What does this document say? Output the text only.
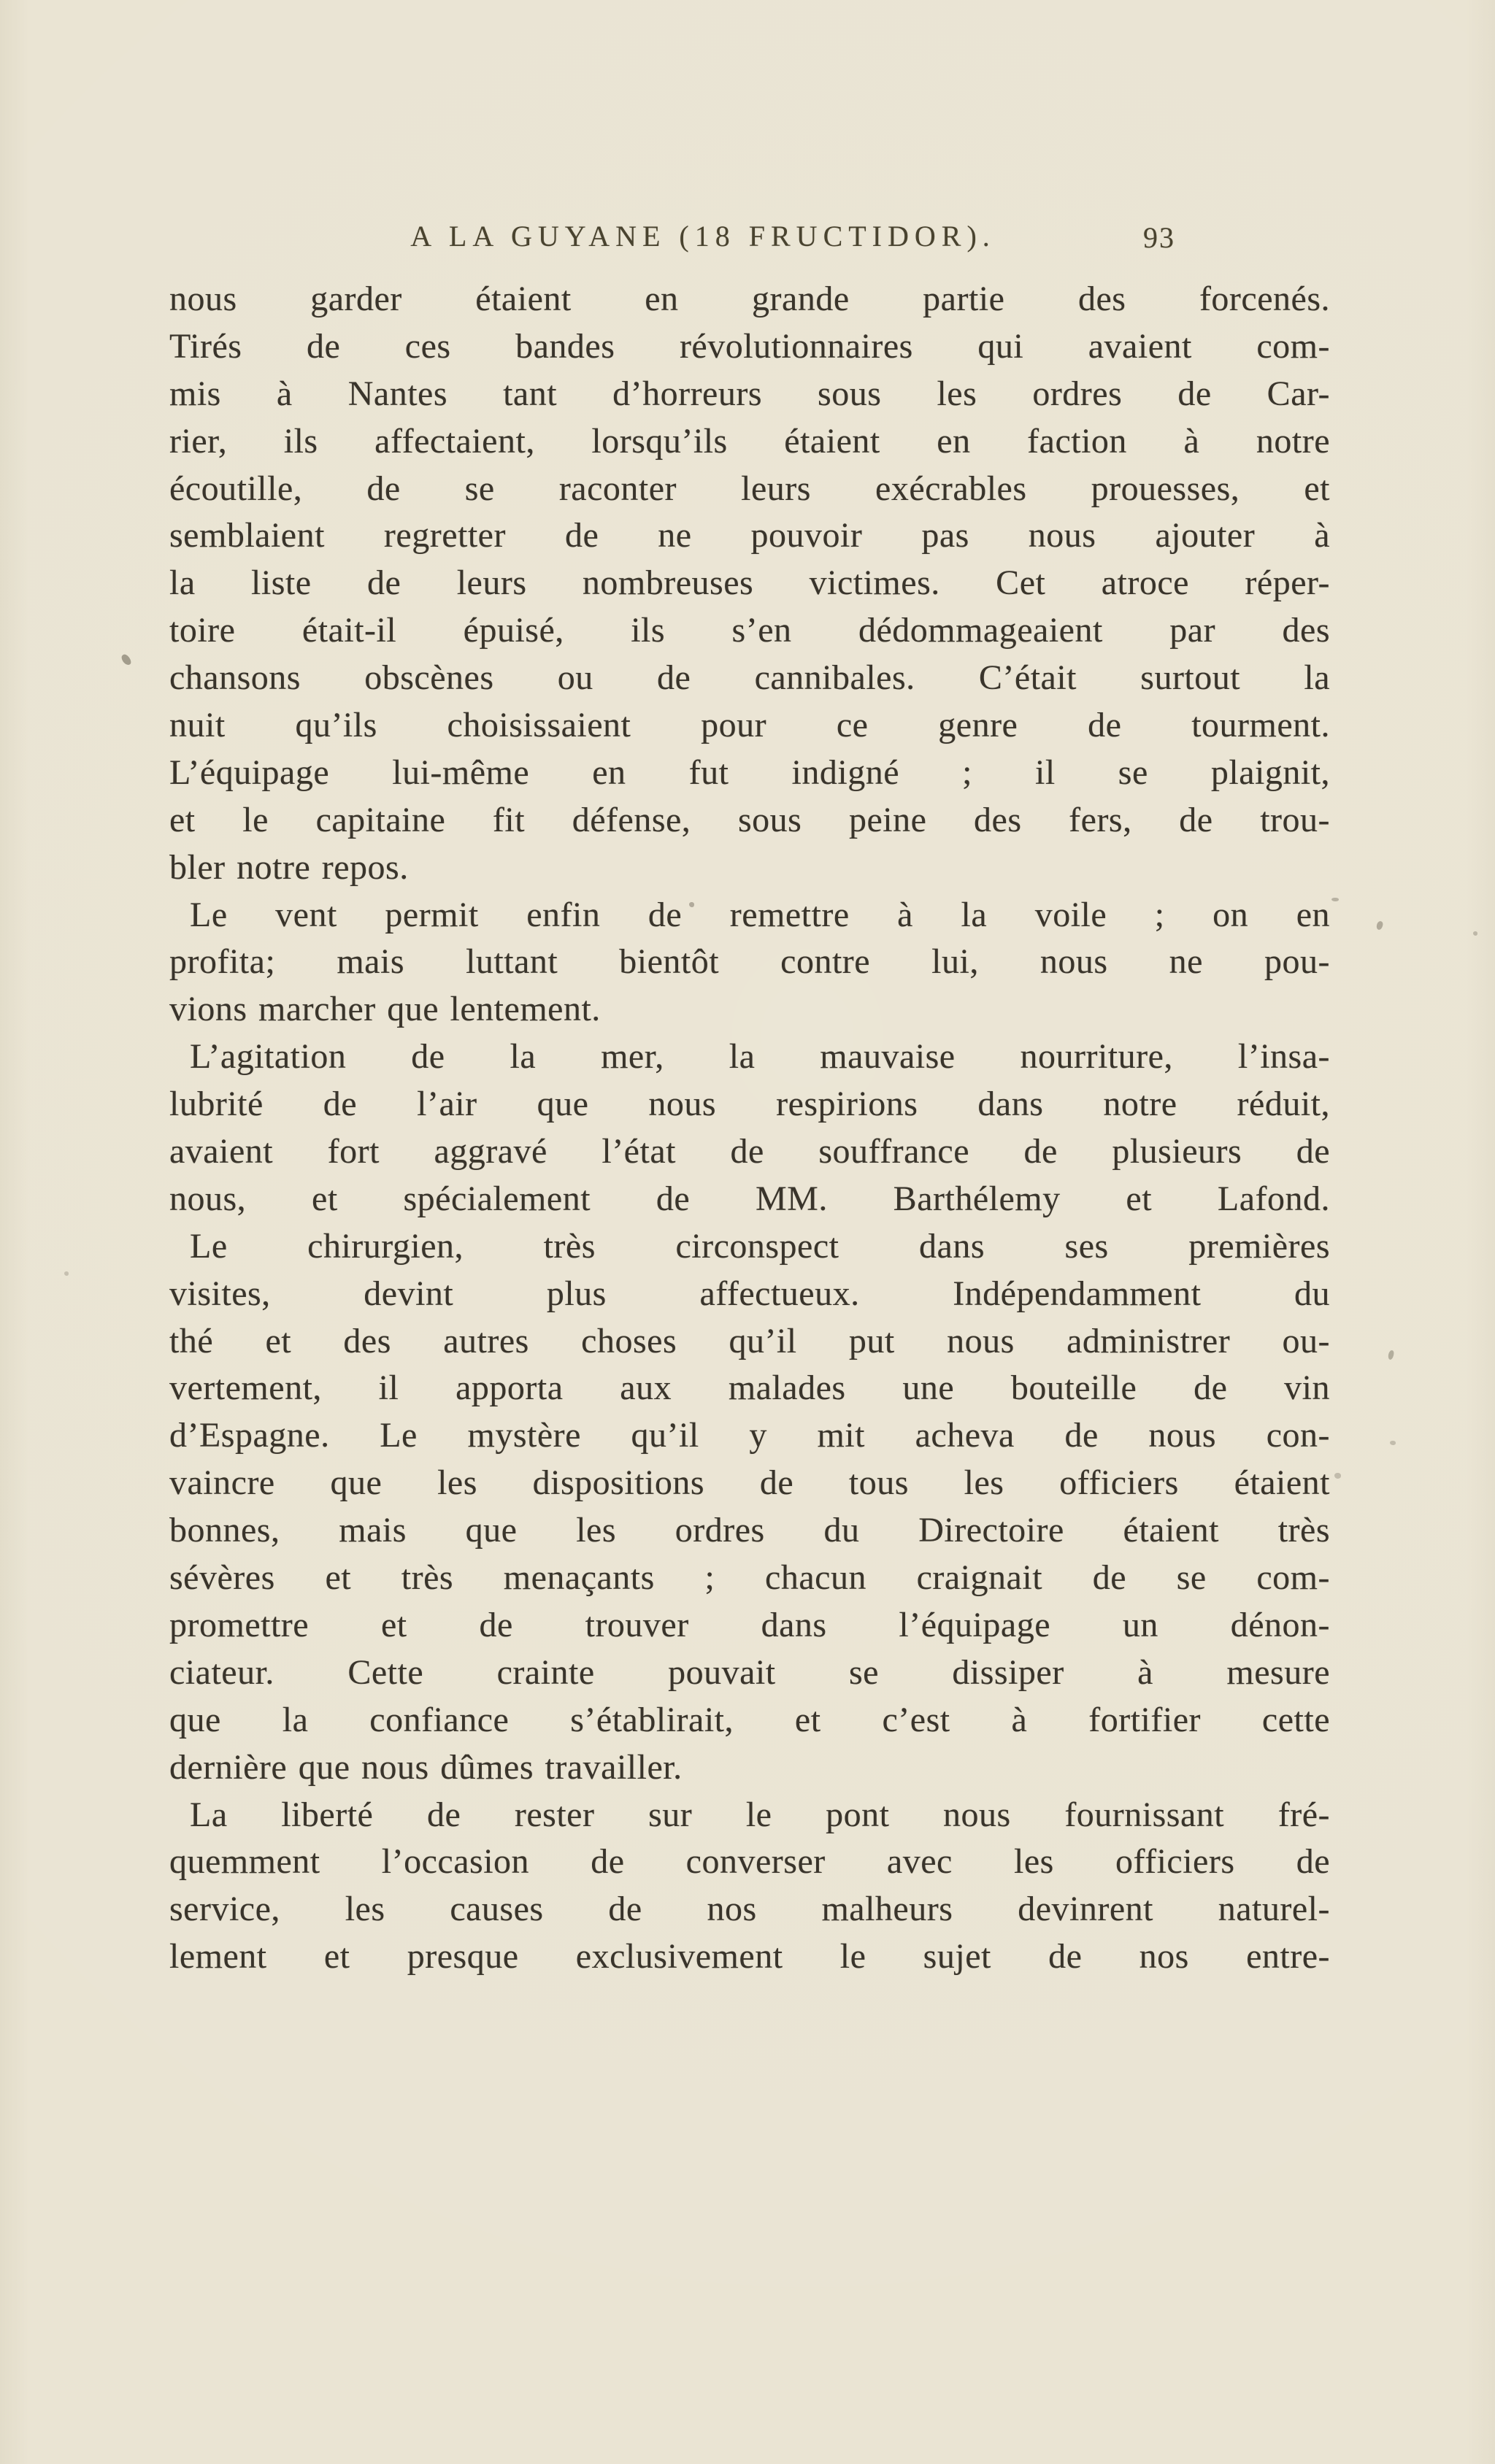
A LA GUYANE (18 FRUCTIDOR).	93
nous garder étaient en grande partie des forcenés.
Tirés de ces bandes révolutionnaires qui avaient com-
mis à Nantes tant d’horreurs sous les ordres de Car-
rier, ils affectaient, lorsqu’ils étaient en faction à notre
écoutille, de se raconter leurs exécrables prouesses, et
semblaient regretter de ne pouvoir pas nous ajouter à
la liste de leurs nombreuses victimes. Cet atroce réper-
toire était-il épuisé, ils s’en dédommageaient par des
chansons obscènes ou de cannibales. C’était surtout la
nuit qu’ils choisissaient pour ce genre de tourment.
L’équipage lui-même en fut indigné ; il se plaignit,
et le capitaine fit défense, sous peine des fers, de trou-
bler notre repos.
Le vent permit enfin de remettre à la voile ; on en
profita; mais luttant bientôt contre lui, nous ne pou-
vions marcher que lentement.
L’agitation de la mer, la mauvaise nourriture, l’insa-
lubrité de l’air que nous respirions dans notre réduit,
avaient fort aggravé l’état de souffrance de plusieurs de
nous, et spécialement de MM. Barthélemy et Lafond.
Le chirurgien, très circonspect dans ses premières
visites, devint plus affectueux. Indépendamment du
thé et des autres choses qu’il put nous administrer ou-
vertement, il apporta aux malades une bouteille de vin
d’Espagne. Le mystère qu’il y mit acheva de nous con-
vaincre que les dispositions de tous les officiers étaient
bonnes, mais que les ordres du Directoire étaient très
sévères et très menaçants ; chacun craignait de se com-
promettre et de trouver dans l’équipage un dénon-
ciateur. Cette crainte pouvait se dissiper à mesure
que la confiance s’établirait, et c’est à fortifier cette
dernière que nous dûmes travailler.
La liberté de rester sur le pont nous fournissant fré-
quemment l’occasion de converser avec les officiers de
service, les causes de nos malheurs devinrent naturel-
lement et presque exclusivement le sujet de nos entre-
